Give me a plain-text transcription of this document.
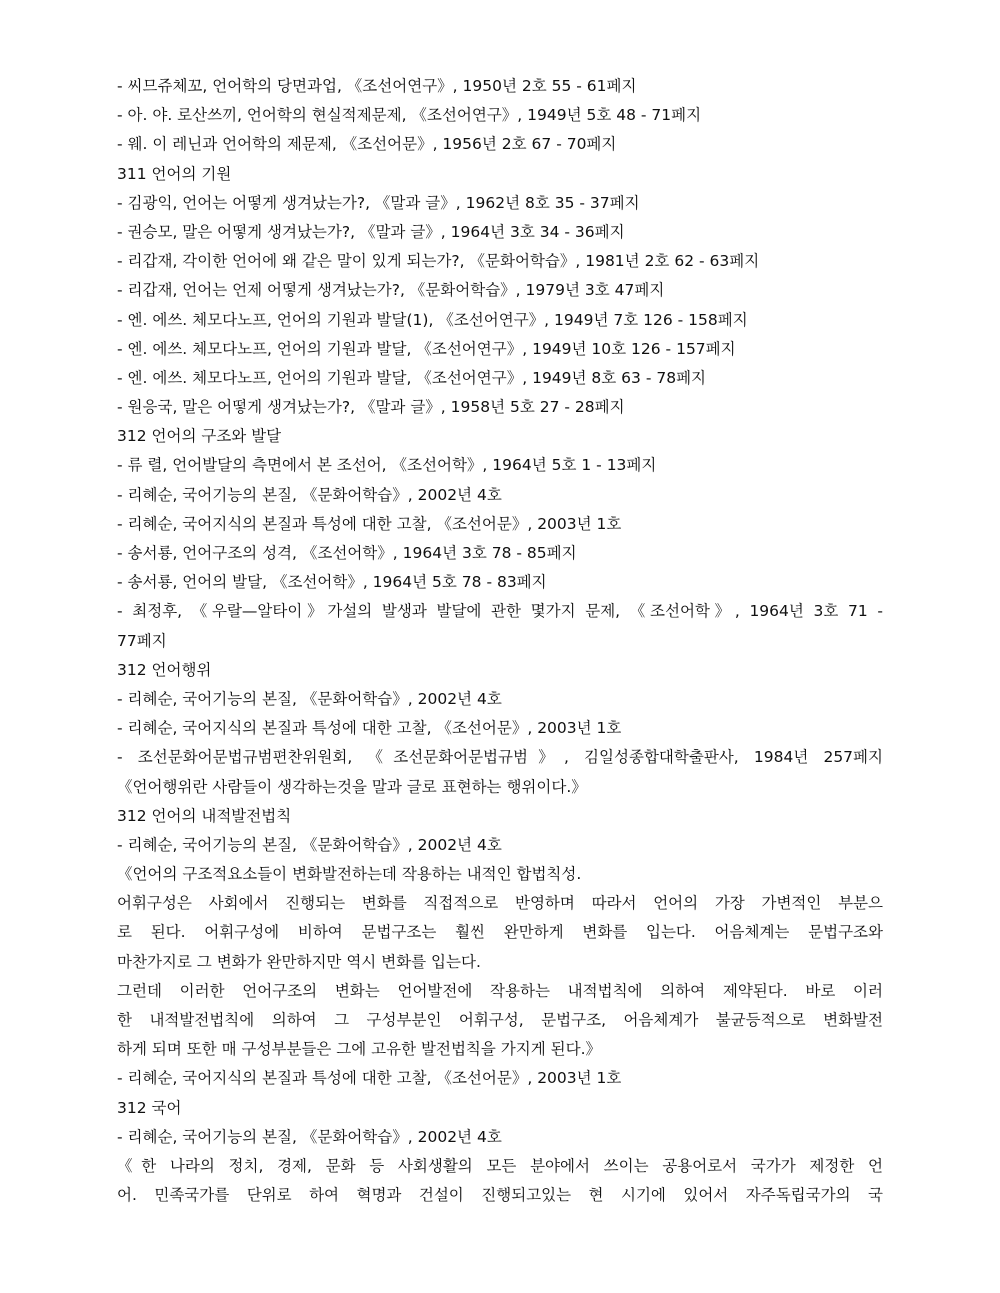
- 씨므쥬체꼬, 언어학의 당면과업, 《조선어연구》, 1950년 2호 55 - 61페지
- 아. 야. 로산쓰끼, 언어학의 현실적제문제, 《조선어연구》, 1949년 5호 48 - 71페지
- 웨. 이 레닌과 언어학의 제문제, 《조선어문》, 1956년 2호 67 - 70페지
311 언어의 기원
- 김광익, 언어는 어떻게 생겨났는가?, 《말과 글》, 1962년 8호 35 - 37페지
- 권승모, 말은 어떻게 생겨났는가?, 《말과 글》, 1964년 3호 34 - 36페지
- 리갑재, 각이한 언어에 왜 같은 말이 있게 되는가?, 《문화어학습》, 1981년 2호 62 - 63페지
- 리갑재, 언어는 언제 어떻게 생겨났는가?, 《문화어학습》, 1979년 3호 47페지
- 엔. 에쓰. 체모다노프, 언어의 기원과 발달(1), 《조선어연구》, 1949년 7호 126 - 158페지
- 엔. 에쓰. 체모다노프, 언어의 기원과 발달, 《조선어연구》, 1949년 10호 126 - 157페지
- 엔. 에쓰. 체모다노프, 언어의 기원과 발달, 《조선어연구》, 1949년 8호 63 - 78페지
- 원응국, 말은 어떻게 생겨났는가?, 《말과 글》, 1958년 5호 27 - 28페지
312 언어의 구조와 발달
- 류 렬, 언어발달의 측면에서 본 조선어, 《조선어학》, 1964년 5호 1 - 13페지
- 리혜순, 국어기능의 본질, 《문화어학습》, 2002년 4호
- 리혜순, 국어지식의 본질과 특성에 대한 고찰, 《조선어문》, 2003년 1호
- 송서룡, 언어구조의 성격, 《조선어학》, 1964년 3호 78 - 85페지
- 송서룡, 언어의 발달, 《조선어학》, 1964년 5호 78 - 83페지
- 최정후, 《우랄—알타이》가설의 발생과 발달에 관한 몇가지 문제, 《조선어학》, 1964년 3호 71 -
77페지
312 언어행위
- 리혜순, 국어기능의 본질, 《문화어학습》, 2002년 4호
- 리혜순, 국어지식의 본질과 특성에 대한 고찰, 《조선어문》, 2003년 1호
- 조선문화어문법규범편찬위원회, 《조선문화어문법규범》, 김일성종합대학출판사, 1984년 257페지
《언어행위란 사람들이 생각하는것을 말과 글로 표현하는 행위이다.》
312 언어의 내적발전법칙
- 리혜순, 국어기능의 본질, 《문화어학습》, 2002년 4호
《언어의 구조적요소들이 변화발전하는데 작용하는 내적인 합법칙성.
어휘구성은 사회에서 진행되는 변화를 직접적으로 반영하며 따라서 언어의 가장 가변적인 부분으
로 된다. 어휘구성에 비하여 문법구조는 훨씬 완만하게 변화를 입는다. 어음체계는 문법구조와
마찬가지로 그 변화가 완만하지만 역시 변화를 입는다.
그런데 이러한 언어구조의 변화는 언어발전에 작용하는 내적법칙에 의하여 제약된다. 바로 이러
한 내적발전법칙에 의하여 그 구성부분인 어휘구성, 문법구조, 어음체계가 불균등적으로 변화발전
하게 되며 또한 매 구성부분들은 그에 고유한 발전법칙을 가지게 된다.》
- 리혜순, 국어지식의 본질과 특성에 대한 고찰, 《조선어문》, 2003년 1호
312 국어
- 리혜순, 국어기능의 본질, 《문화어학습》, 2002년 4호
《한 나라의 정치, 경제, 문화 등 사회생활의 모든 분야에서 쓰이는 공용어로서 국가가 제정한 언
어. 민족국가를 단위로 하여 혁명과 건설이 진행되고있는 현 시기에 있어서 자주독립국가의 국
